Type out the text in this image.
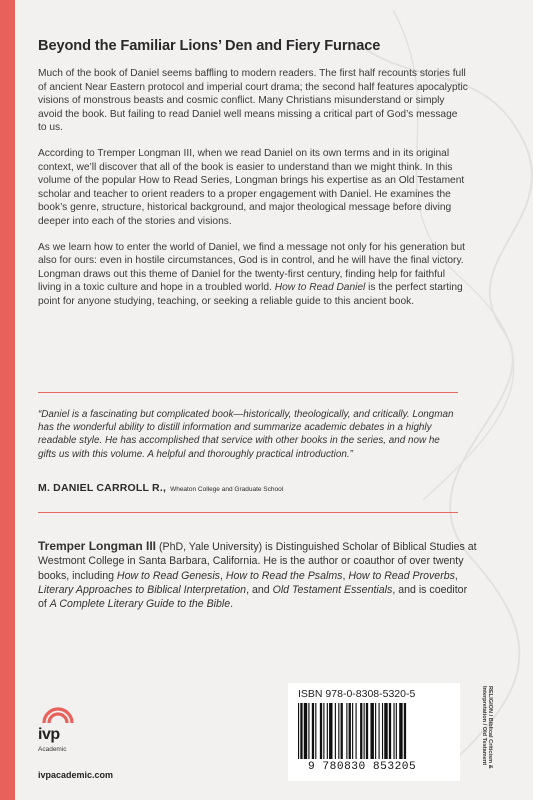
Beyond the Familiar Lions’ Den and Fiery Furnace

Much of the book of Daniel seems baffling to modern readers. The first half recounts stories full of ancient Near Eastern protocol and imperial court drama; the second half features apocalyptic visions of monstrous beasts and cosmic conflict. Many Christians misunderstand or simply avoid the book. But failing to read Daniel well means missing a critical part of God’s message to us.

According to Tremper Longman III, when we read Daniel on its own terms and in its original context, we’ll discover that all of the book is easier to understand than we might think. In this volume of the popular How to Read Series, Longman brings his expertise as an Old Testament scholar and teacher to orient readers to a proper engagement with Daniel. He examines the book’s genre, structure, historical background, and major theological message before diving deeper into each of the stories and visions.

As we learn how to enter the world of Daniel, we find a message not only for his generation but also for ours: even in hostile circumstances, God is in control, and he will have the final victory. Longman draws out this theme of Daniel for the twenty-first century, finding help for faithful living in a toxic culture and hope in a troubled world. How to Read Daniel is the perfect starting point for anyone studying, teaching, or seeking a reliable guide to this ancient book.

“Daniel is a fascinating but complicated book—historically, theologically, and critically. Longman has the wonderful ability to distill information and summarize academic debates in a highly readable style. He has accomplished that service with other books in the series, and now he gifts us with this volume. A helpful and thoroughly practical introduction.”
M. DANIEL CARROLL R., Wheaton College and Graduate School
Tremper Longman III (PhD, Yale University) is Distinguished Scholar of Biblical Studies at Westmont College in Santa Barbara, California. He is the author or coauthor of over twenty books, including How to Read Genesis, How to Read the Psalms, How to Read Proverbs, Literary Approaches to Biblical Interpretation, and Old Testament Essentials, and is coeditor of A Complete Literary Guide to the Bible.
ivp
Academic
ivpacademic.com
ISBN 978-0-8308-5320-5
9 780830 853205	RELIGION / Biblical Criticism &
Interpretation / Old Testament
